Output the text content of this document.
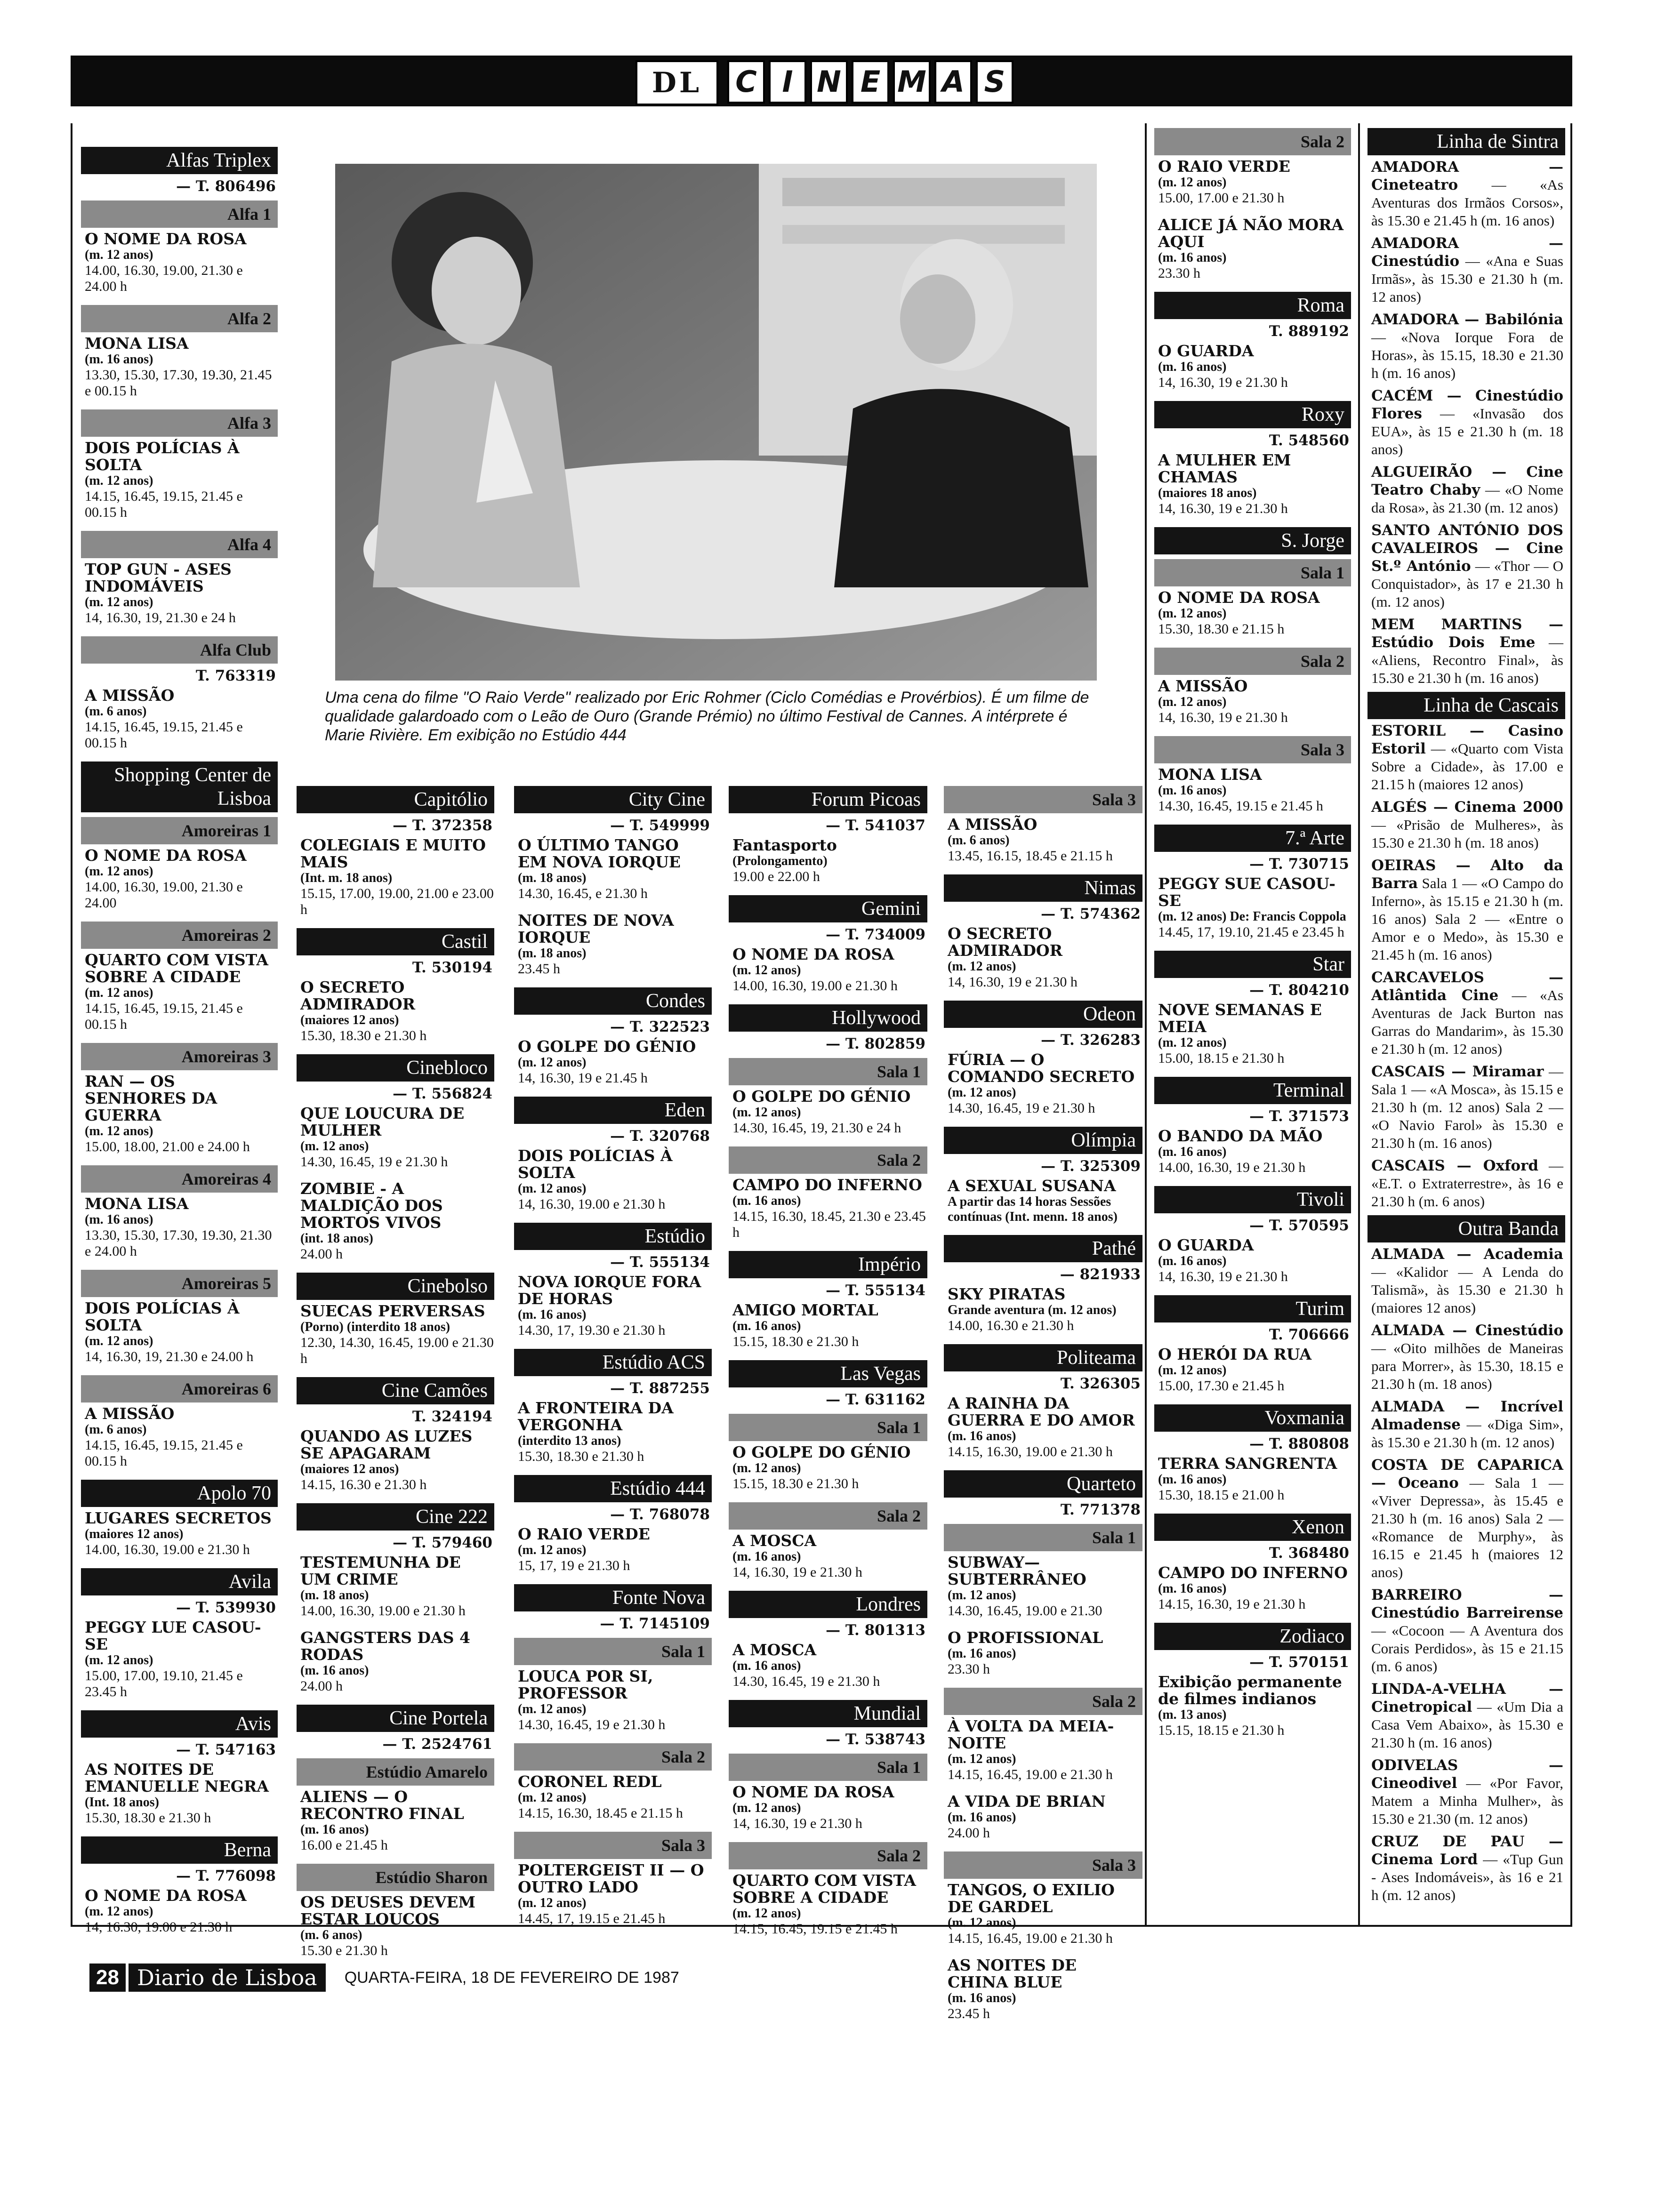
DL	C I N E M A S
Uma cena do filme "O Raio Verde" realizado por Eric Rohmer (Ciclo Comédias e Provérbios). É um filme de qualidade galardoado com o Leão de Ouro (Grande Prémio) no último Festival de Cannes. A intérprete é Marie Rivière. Em exibição no Estúdio 444
Alfas Triplex
— T. 806496
Alfa 1
O NOME DA ROSA
(m. 12 anos)
14.00, 16.30, 19.00, 21.30 e 24.00 h
Alfa 2
MONA LISA
(m. 16 anos)
13.30, 15.30, 17.30, 19.30, 21.45 e 00.15 h
Alfa 3
DOIS POLÍCIAS À SOLTA
(m. 12 anos)
14.15, 16.45, 19.15, 21.45 e 00.15 h
Alfa 4
TOP GUN - ASES INDOMÁVEIS
(m. 12 anos)
14, 16.30, 19, 21.30 e 24 h
Alfa Club
T. 763319
A MISSÃO
(m. 6 anos)
14.15, 16.45, 19.15, 21.45 e 00.15 h
Shopping Center de Lisboa
Amoreiras 1
O NOME DA ROSA
(m. 12 anos)
14.00, 16.30, 19.00, 21.30 e 24.00
Amoreiras 2
QUARTO COM VISTA SOBRE A CIDADE
(m. 12 anos)
14.15, 16.45, 19.15, 21.45 e 00.15 h
Amoreiras 3
RAN — OS SENHORES DA GUERRA
(m. 12 anos)
15.00, 18.00, 21.00 e 24.00 h
Amoreiras 4
MONA LISA
(m. 16 anos)
13.30, 15.30, 17.30, 19.30, 21.30 e 24.00 h
Amoreiras 5
DOIS POLÍCIAS À SOLTA
(m. 12 anos)
14, 16.30, 19, 21.30 e 24.00 h
Amoreiras 6
A MISSÃO
(m. 6 anos)
14.15, 16.45, 19.15, 21.45 e 00.15 h
Apolo 70
LUGARES SECRETOS
(maiores 12 anos)
14.00, 16.30, 19.00 e 21.30 h
Avila
— T. 539930
PEGGY LUE CASOU-SE
(m. 12 anos)
15.00, 17.00, 19.10, 21.45 e 23.45 h
Avis
— T. 547163
AS NOITES DE EMANUELLE NEGRA
(Int. 18 anos)
15.30, 18.30 e 21.30 h
Berna
— T. 776098
O NOME DA ROSA
(m. 12 anos)
14, 16.30, 19.00 e 21.30 h
Capitólio
— T. 372358
COLEGIAIS E MUITO MAIS
(Int. m. 18 anos)
15.15, 17.00, 19.00, 21.00 e 23.00 h
Castil
T. 530194
O SECRETO ADMIRADOR
(maiores 12 anos)
15.30, 18.30 e 21.30 h
Cinebloco
— T. 556824
QUE LOUCURA DE MULHER
(m. 12 anos)
14.30, 16.45, 19 e 21.30 h
ZOMBIE - A MALDIÇÃO DOS MORTOS VIVOS
(int. 18 anos)
24.00 h
Cinebolso
SUECAS PERVERSAS
(Porno) (interdito 18 anos)
12.30, 14.30, 16.45, 19.00 e 21.30 h
Cine Camões
T. 324194
QUANDO AS LUZES SE APAGARAM
(maiores 12 anos)
14.15, 16.30 e 21.30 h
Cine 222
— T. 579460
TESTEMUNHA DE UM CRIME
(m. 18 anos)
14.00, 16.30, 19.00 e 21.30 h
GANGSTERS DAS 4 RODAS
(m. 16 anos)
24.00 h
Cine Portela
— T. 2524761
Estúdio Amarelo
ALIENS — O RECONTRO FINAL
(m. 16 anos)
16.00 e 21.45 h
Estúdio Sharon
OS DEUSES DEVEM ESTAR LOUCOS
(m. 6 anos)
15.30 e 21.30 h
City Cine
— T. 549999
O ÚLTIMO TANGO EM NOVA IORQUE
(m. 18 anos)
14.30, 16.45, e 21.30 h
NOITES DE NOVA IORQUE
(m. 18 anos)
23.45 h
Condes
— T. 322523
O GOLPE DO GÉNIO
(m. 12 anos)
14, 16.30, 19 e 21.45 h
Eden
— T. 320768
DOIS POLÍCIAS À SOLTA
(m. 12 anos)
14, 16.30, 19.00 e 21.30 h
Estúdio
— T. 555134
NOVA IORQUE FORA DE HORAS
(m. 16 anos)
14.30, 17, 19.30 e 21.30 h
Estúdio ACS
— T. 887255
A FRONTEIRA DA VERGONHA
(interdito 13 anos)
15.30, 18.30 e 21.30 h
Estúdio 444
— T. 768078
O RAIO VERDE
(m. 12 anos)
15, 17, 19 e 21.30 h
Fonte Nova
— T. 7145109
Sala 1
LOUCA POR SI, PROFESSOR
(m. 12 anos)
14.30, 16.45, 19 e 21.30 h
Sala 2
CORONEL REDL
(m. 12 anos)
14.15, 16.30, 18.45 e 21.15 h
Sala 3
POLTERGEIST II — O OUTRO LADO
(m. 12 anos)
14.45, 17, 19.15 e 21.45 h
Forum Picoas
— T. 541037
Fantasporto
(Prolongamento)
19.00 e 22.00 h
Gemini
— T. 734009
O NOME DA ROSA
(m. 12 anos)
14.00, 16.30, 19.00 e 21.30 h
Hollywood
— T. 802859
Sala 1
O GOLPE DO GÉNIO
(m. 12 anos)
14.30, 16.45, 19, 21.30 e 24 h
Sala 2
CAMPO DO INFERNO
(m. 16 anos)
14.15, 16.30, 18.45, 21.30 e 23.45 h
Império
— T. 555134
AMIGO MORTAL
(m. 16 anos)
15.15, 18.30 e 21.30 h
Las Vegas
— T. 631162
Sala 1
O GOLPE DO GÉNIO
(m. 12 anos)
15.15, 18.30 e 21.30 h
Sala 2
A MOSCA
(m. 16 anos)
14, 16.30, 19 e 21.30 h
Londres
— T. 801313
A MOSCA
(m. 16 anos)
14.30, 16.45, 19 e 21.30 h
Mundial
— T. 538743
Sala 1
O NOME DA ROSA
(m. 12 anos)
14, 16.30, 19 e 21.30 h
Sala 2
QUARTO COM VISTA SOBRE A CIDADE
(m. 12 anos)
14.15, 16.45, 19.15 e 21.45 h
Sala 3
A MISSÃO
(m. 6 anos)
13.45, 16.15, 18.45 e 21.15 h
Nimas
— T. 574362
O SECRETO ADMIRADOR
(m. 12 anos)
14, 16.30, 19 e 21.30 h
Odeon
— T. 326283
FÚRIA — O COMANDO SECRETO
(m. 12 anos)
14.30, 16.45, 19 e 21.30 h
Olímpia
— T. 325309
A SEXUAL SUSANA
A partir das 14 horas Sessões contínuas (Int. menn. 18 anos)
Pathé
— 821933
SKY PIRATAS
Grande aventura (m. 12 anos)
14.00, 16.30 e 21.30 h
Politeama
T. 326305
A RAINHA DA GUERRA E DO AMOR
(m. 16 anos)
14.15, 16.30, 19.00 e 21.30 h
Quarteto
T. 771378
Sala 1
SUBWAY—SUBTERRÂNEO
(m. 12 anos)
14.30, 16.45, 19.00 e 21.30
O PROFISSIONAL
(m. 16 anos)
23.30 h
Sala 2
À VOLTA DA MEIA-NOITE
(m. 12 anos)
14.15, 16.45, 19.00 e 21.30 h
A VIDA DE BRIAN
(m. 16 anos)
24.00 h
Sala 3
TANGOS, O EXILIO DE GARDEL
(m. 12 anos)
14.15, 16.45, 19.00 e 21.30 h
AS NOITES DE CHINA BLUE
(m. 16 anos)
23.45 h
Sala 2
O RAIO VERDE
(m. 12 anos)
15.00, 17.00 e 21.30 h
ALICE JÁ NÃO MORA AQUI
(m. 16 anos)
23.30 h
Roma
T. 889192
O GUARDA
(m. 16 anos)
14, 16.30, 19 e 21.30 h
Roxy
T. 548560
A MULHER EM CHAMAS
(maiores 18 anos)
14, 16.30, 19 e 21.30 h
S. Jorge
Sala 1
O NOME DA ROSA
(m. 12 anos)
15.30, 18.30 e 21.15 h
Sala 2
A MISSÃO
(m. 12 anos)
14, 16.30, 19 e 21.30 h
Sala 3
MONA LISA
(m. 16 anos)
14.30, 16.45, 19.15 e 21.45 h
7.ª Arte
— T. 730715
PEGGY SUE CASOU-SE
(m. 12 anos) De: Francis Coppola
14.45, 17, 19.10, 21.45 e 23.45 h
Star
— T. 804210
NOVE SEMANAS E MEIA
(m. 12 anos)
15.00, 18.15 e 21.30 h
Terminal
— T. 371573
O BANDO DA MÃO
(m. 16 anos)
14.00, 16.30, 19 e 21.30 h
Tivoli
— T. 570595
O GUARDA
(m. 16 anos)
14, 16.30, 19 e 21.30 h
Turim
T. 706666
O HERÓI DA RUA
(m. 12 anos)
15.00, 17.30 e 21.45 h
Voxmania
— T. 880808
TERRA SANGRENTA
(m. 16 anos)
15.30, 18.15 e 21.00 h
Xenon
T. 368480
CAMPO DO INFERNO
(m. 16 anos)
14.15, 16.30, 19 e 21.30 h
Zodiaco
— T. 570151
Exibição permanente de filmes indianos
(m. 13 anos)
15.15, 18.15 e 21.30 h
Linha de Sintra
AMADORA — Cineteatro — «As Aventuras dos Irmãos Corsos», às 15.30 e 21.45 h (m. 16 anos)
AMADORA — Cinestúdio — «Ana e Suas Irmãs», às 15.30 e 21.30 h (m. 12 anos)
AMADORA — Babilónia — «Nova Iorque Fora de Horas», às 15.15, 18.30 e 21.30 h (m. 16 anos)
CACÉM — Cinestúdio Flores — «Invasão dos EUA», às 15 e 21.30 h (m. 18 anos)
ALGUEIRÃO — Cine Teatro Chaby — «O Nome da Rosa», às 21.30 (m. 12 anos)
SANTO ANTÓNIO DOS CAVALEIROS — Cine St.º António — «Thor — O Conquistador», às 17 e 21.30 h (m. 12 anos)
MEM MARTINS — Estúdio Dois Eme — «Aliens, Recontro Final», às 15.30 e 21.30 h (m. 16 anos)
Linha de Cascais
ESTORIL — Casino Estoril — «Quarto com Vista Sobre a Cidade», às 17.00 e 21.15 h (maiores 12 anos)
ALGÉS — Cinema 2000 — «Prisão de Mulheres», às 15.30 e 21.30 h (m. 18 anos)
OEIRAS — Alto da Barra Sala 1 — «O Campo do Inferno», às 15.15 e 21.30 h (m. 16 anos) Sala 2 — «Entre o Amor e o Medo», às 15.30 e 21.45 h (m. 16 anos)
CARCAVELOS — Atlântida Cine — «As Aventuras de Jack Burton nas Garras do Mandarim», às 15.30 e 21.30 h (m. 12 anos)
CASCAIS — Miramar — Sala 1 — «A Mosca», às 15.15 e 21.30 h (m. 12 anos) Sala 2 — «O Navio Farol» às 15.30 e 21.30 h (m. 16 anos)
CASCAIS — Oxford — «E.T. o Extraterrestre», às 16 e 21.30 h (m. 6 anos)
Outra Banda
ALMADA — Academia — «Kalidor — A Lenda do Talismã», às 15.30 e 21.30 h (maiores 12 anos)
ALMADA — Cinestúdio — «Oito milhões de Maneiras para Morrer», às 15.30, 18.15 e 21.30 h (m. 18 anos)
ALMADA — Incrível Almadense — «Diga Sim», às 15.30 e 21.30 h (m. 12 anos)
COSTA DE CAPARICA — Oceano — Sala 1 — «Viver Depressa», às 15.45 e 21.30 h (m. 16 anos) Sala 2 — «Romance de Murphy», às 16.15 e 21.45 h (maiores 12 anos)
BARREIRO — Cinestúdio Barreirense — «Cocoon — A Aventura dos Corais Perdidos», às 15 e 21.15 (m. 6 anos)
LINDA-A-VELHA — Cinetropical — «Um Dia a Casa Vem Abaixo», às 15.30 e 21.30 h (m. 16 anos)
ODIVELAS — Cineodivel — «Por Favor, Matem a Minha Mulher», às 15.30 e 21.30 (m. 12 anos)
CRUZ DE PAU — Cinema Lord — «Tup Gun - Ases Indomáveis», às 16 e 21 h (m. 12 anos)
28 Diario de Lisboa	QUARTA-FEIRA, 18 DE FEVEREIRO DE 1987
